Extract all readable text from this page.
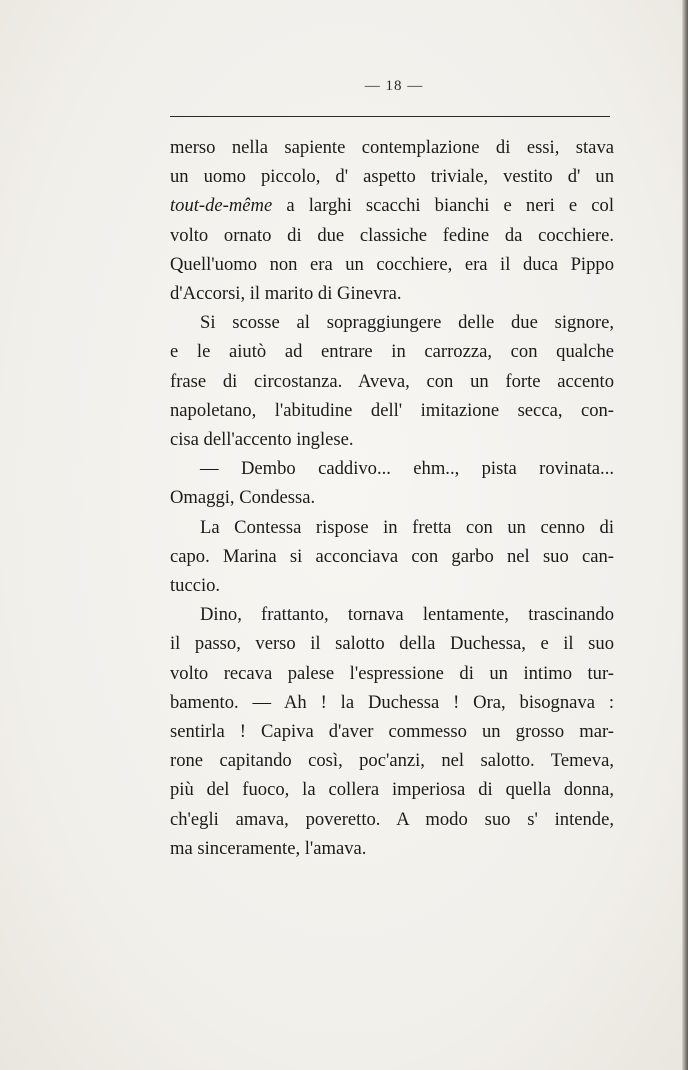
— 18 —
merso nella sapiente contemplazione di essi, stava
un uomo piccolo, d' aspetto triviale, vestito d' un
tout-de-même a larghi scacchi bianchi e neri e col
volto ornato di due classiche fedine da cocchiere.
Quell'uomo non era un cocchiere, era il duca Pippo
d'Accorsi, il marito di Ginevra.
Si scosse al sopraggiungere delle due signore,
e le aiutò ad entrare in carrozza, con qualche
frase di circostanza. Aveva, con un forte accento
napoletano, l'abitudine dell' imitazione secca, con-
cisa dell'accento inglese.
— Dembo caddivo... ehm.., pista rovinata...
Omaggi, Condessa.
La Contessa rispose in fretta con un cenno di
capo. Marina si acconciava con garbo nel suo can-
tuccio.
Dino, frattanto, tornava lentamente, trascinando
il passo, verso il salotto della Duchessa, e il suo
volto recava palese l'espressione di un intimo tur-
bamento. — Ah ! la Duchessa ! Ora, bisognava :
sentirla ! Capiva d'aver commesso un grosso mar-
rone capitando così, poc'anzi, nel salotto. Temeva,
più del fuoco, la collera imperiosa di quella donna,
ch'egli amava, poveretto. A modo suo s' intende,
ma sinceramente, l'amava.
